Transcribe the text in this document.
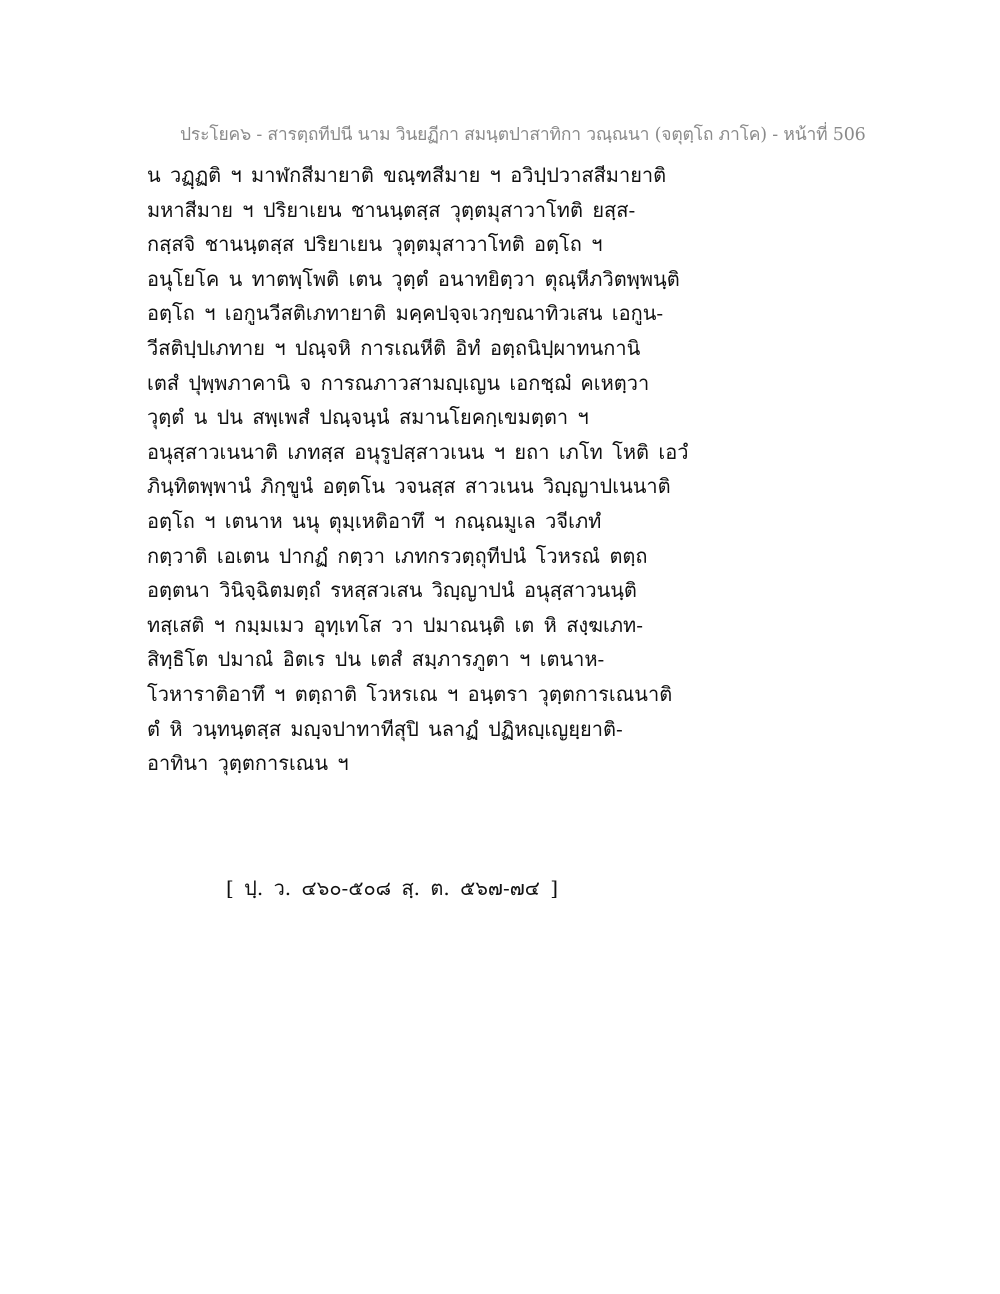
ประโยค๖ - สารตฺถทีปนี นาม วินยฏีกา สมนฺตปาสาทิกา วณฺณนา (จตุตฺโถ ภาโค) - หน้าที่ 506
น วฏฺฏติ ฯ มาฬกสีมายาติ ขณฺฑสีมาย ฯ อวิปฺปวาสสีมายาติ
มหาสีมาย ฯ ปริยาเยน ชานนฺตสฺส วุตฺตมุสาวาโทติ ยสฺส-
กสฺสจิ ชานนฺตสฺส ปริยาเยน วุตฺตมุสาวาโทติ อตฺโถ ฯ
อนุโยโค น ทาตพฺโพติ เตน วุตฺตํ อนาทยิตฺวา ตุณฺหีภวิตพฺพนฺติ
อตฺโถ ฯ เอกูนวีสติเภทายาติ มคฺคปจฺจเวกฺขณาทิวเสน เอกูน-
วีสติปฺปเภทาย ฯ ปณฺจหิ การเณหีติ อิทํ อตฺถนิปฺผาทนกานิ
เตสํ ปุพฺพภาคานิ จ การณภาวสามญฺเญน เอกชฺฌํ คเหตฺวา
วุตฺตํ น ปน สพฺเพสํ ปณฺจนฺนํ สมานโยคกฺเขมตฺตา ฯ
อนุสฺสาวเนนาติ เภทสฺส อนุรูปสฺสาวเนน ฯ ยถา เภโท โหติ เอวํ
ภินฺทิตพฺพานํ ภิกฺขูนํ อตฺตโน วจนสฺส สาวเนน วิญฺญาปเนนาติ
อตฺโถ ฯ เตนาห นนุ ตุมฺเหติอาทึ ฯ กณฺณมูเล วจีเภทํ
กตฺวาติ เอเตน ปากฏํ กตฺวา เภทกรวตฺถุทีปนํ โวหรณํ ตตฺถ
อตฺตนา วินิจฺฉิตมตฺถํ รหสฺสวเสน วิญฺญาปนํ อนุสฺสาวนนฺติ
ทสฺเสติ ฯ กมฺมเมว อุทฺเทโส วา ปมาณนฺติ เต หิ สงฺฆเภท-
สิทฺธิโต ปมาณํ อิตเร ปน เตสํ สมฺภารภูตา ฯ เตนาห-
โวหาราติอาทึ ฯ ตตฺถาติ โวหรเณ ฯ อนฺตรา วุตฺตการเณนาติ
ตํ หิ วนฺทนฺตสฺส มญฺจปาทาทีสุปิ นลาฏํ ปฏิหญฺเญยฺยาติ-
อาทินา วุตฺตการเณน ฯ
[ ปฺ. ว. ๔๖๐-๕๐๘ สฺ. ต. ๕๖๗-๗๔ ]
